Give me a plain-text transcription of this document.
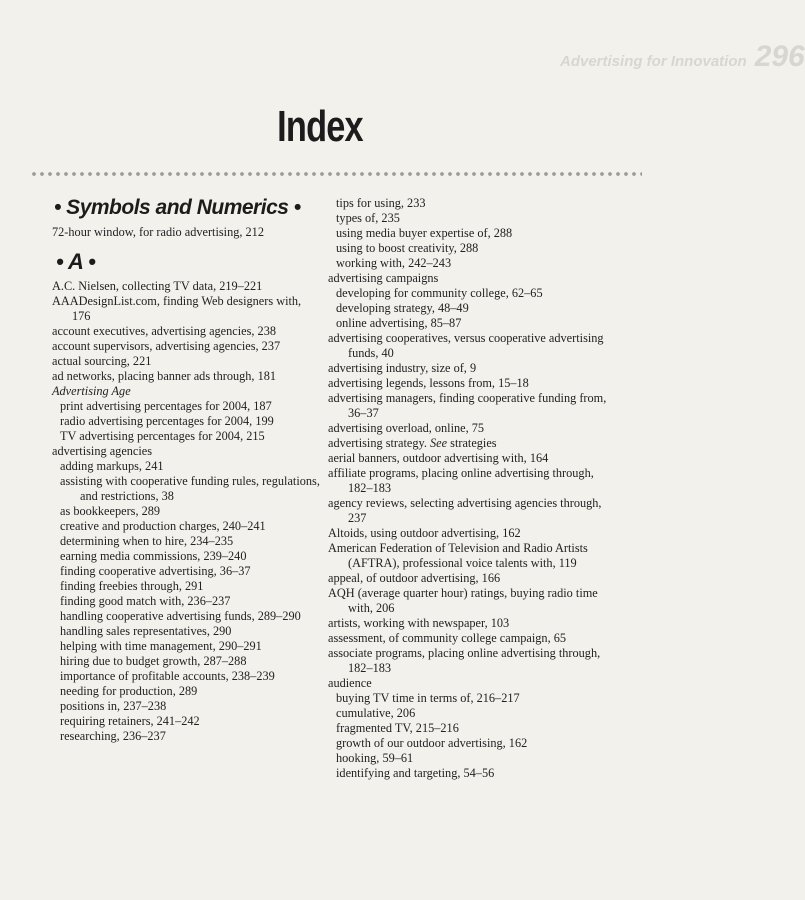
Advertising for Innovation 296
Index
• Symbols and Numerics •

72-hour window, for radio advertising, 212

• A •

A.C. Nielsen, collecting TV data, 219–221

AAADesignList.com, finding Web designers with, 176

account executives, advertising agencies, 238

account supervisors, advertising agencies, 237

actual sourcing, 221

ad networks, placing banner ads through, 181

Advertising Age

print advertising percentages for 2004, 187

radio advertising percentages for 2004, 199

TV advertising percentages for 2004, 215

advertising agencies

adding markups, 241

assisting with cooperative funding rules, regulations, and restrictions, 38

as bookkeepers, 289

creative and production charges, 240–241

determining when to hire, 234–235

earning media commissions, 239–240

finding cooperative advertising, 36–37

finding freebies through, 291

finding good match with, 236–237

handling cooperative advertising funds, 289–290

handling sales representatives, 290

helping with time management, 290–291

hiring due to budget growth, 287–288

importance of profitable accounts, 238–239

needing for production, 289

positions in, 237–238

requiring retainers, 241–242

researching, 236–237

tips for using, 233

types of, 235

using media buyer expertise of, 288

using to boost creativity, 288

working with, 242–243

advertising campaigns

developing for community college, 62–65

developing strategy, 48–49

online advertising, 85–87

advertising cooperatives, versus cooperative advertising funds, 40

advertising industry, size of, 9

advertising legends, lessons from, 15–18

advertising managers, finding cooperative funding from, 36–37

advertising overload, online, 75

advertising strategy. See strategies

aerial banners, outdoor advertising with, 164

affiliate programs, placing online advertising through, 182–183

agency reviews, selecting advertising agencies through, 237

Altoids, using outdoor advertising, 162

American Federation of Television and Radio Artists (AFTRA), professional voice talents with, 119

appeal, of outdoor advertising, 166

AQH (average quarter hour) ratings, buying radio time with, 206

artists, working with newspaper, 103

assessment, of community college campaign, 65

associate programs, placing online advertising through, 182–183

audience

buying TV time in terms of, 216–217

cumulative, 206

fragmented TV, 215–216

growth of our outdoor advertising, 162

hooking, 59–61

identifying and targeting, 54–56
